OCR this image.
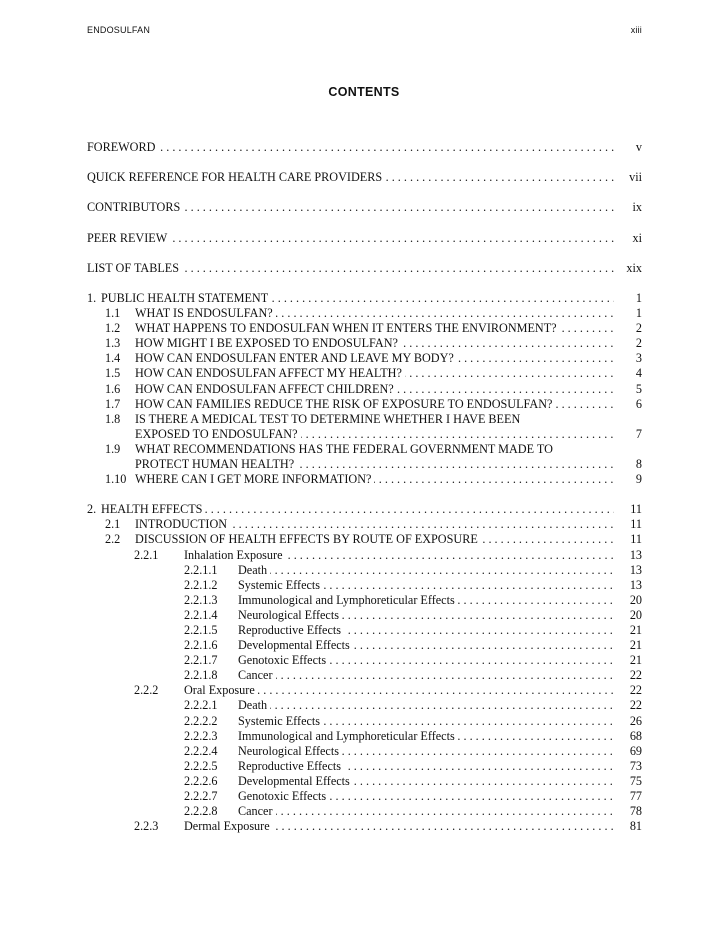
ENDOSULFAN	xiii
CONTENTS
FOREWORD . . .	v
QUICK REFERENCE FOR HEALTH CARE PROVIDERS . . .	vii
CONTRIBUTORS . . .	ix
PEER REVIEW . . .	xi
LIST OF TABLES . . .	xix
1. PUBLIC HEALTH STATEMENT . . .	1
1.1 WHAT IS ENDOSULFAN? . . .	1
1.2 WHAT HAPPENS TO ENDOSULFAN WHEN IT ENTERS THE ENVIRONMENT? . . .	2
1.3 HOW MIGHT I BE EXPOSED TO ENDOSULFAN? . . .	2
1.4 HOW CAN ENDOSULFAN ENTER AND LEAVE MY BODY? . . .	3
1.5 HOW CAN ENDOSULFAN AFFECT MY HEALTH? . . .	4
1.6 HOW CAN ENDOSULFAN AFFECT CHILDREN? . . .	5
1.7 HOW CAN FAMILIES REDUCE THE RISK OF EXPOSURE TO ENDOSULFAN? . . .	6
1.8 IS THERE A MEDICAL TEST TO DETERMINE WHETHER I HAVE BEEN
EXPOSED TO ENDOSULFAN? . . .	7
1.9 WHAT RECOMMENDATIONS HAS THE FEDERAL GOVERNMENT MADE TO
PROTECT HUMAN HEALTH? . . .	8
1.10 WHERE CAN I GET MORE INFORMATION? . . .	9
2. HEALTH EFFECTS . . .	11
2.1 INTRODUCTION . . .	11
2.2 DISCUSSION OF HEALTH EFFECTS BY ROUTE OF EXPOSURE . . .	11
2.2.1 Inhalation Exposure . . .	13
2.2.1.1 Death . . .	13
2.2.1.2 Systemic Effects . . .	13
2.2.1.3 Immunological and Lymphoreticular Effects . . .	20
2.2.1.4 Neurological Effects . . .	20
2.2.1.5 Reproductive Effects . . .	21
2.2.1.6 Developmental Effects . . .	21
2.2.1.7 Genotoxic Effects . . .	21
2.2.1.8 Cancer . . .	22
2.2.2 Oral Exposure . . .	22
2.2.2.1 Death . . .	22
2.2.2.2 Systemic Effects . . .	26
2.2.2.3 Immunological and Lymphoreticular Effects . . .	68
2.2.2.4 Neurological Effects . . .	69
2.2.2.5 Reproductive Effects . . .	73
2.2.2.6 Developmental Effects . . .	75
2.2.2.7 Genotoxic Effects . . .	77
2.2.2.8 Cancer . . .	78
2.2.3 Dermal Exposure . . .	81
